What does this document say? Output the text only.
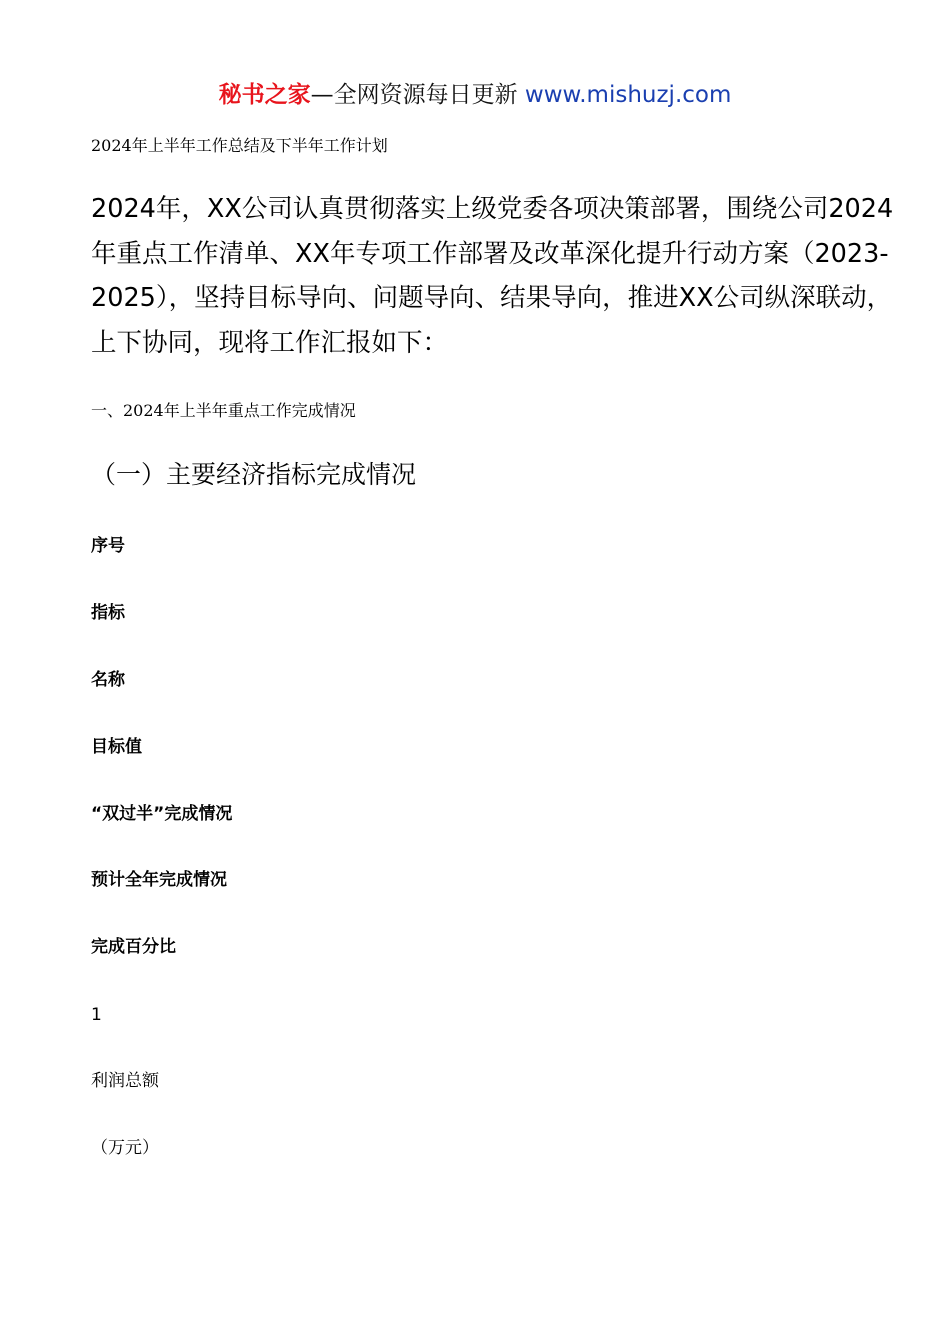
秘书之家—全网资源每日更新 www.mishuzj.com
2024年上半年工作总结及下半年工作计划

2024年，XX公司认真贯彻落实上级党委各项决策部署，围绕公司2024年重点工作清单、XX年专项工作部署及改革深化提升行动方案（2023-2025），坚持目标导向、问题导向、结果导向，推进XX公司纵深联动，上下协同，现将工作汇报如下：

一、2024年上半年重点工作完成情况
（一）主要经济指标完成情况
序号
指标
名称
目标值
“双过半”完成情况
预计全年完成情况
完成百分比
1
利润总额
（万元）
